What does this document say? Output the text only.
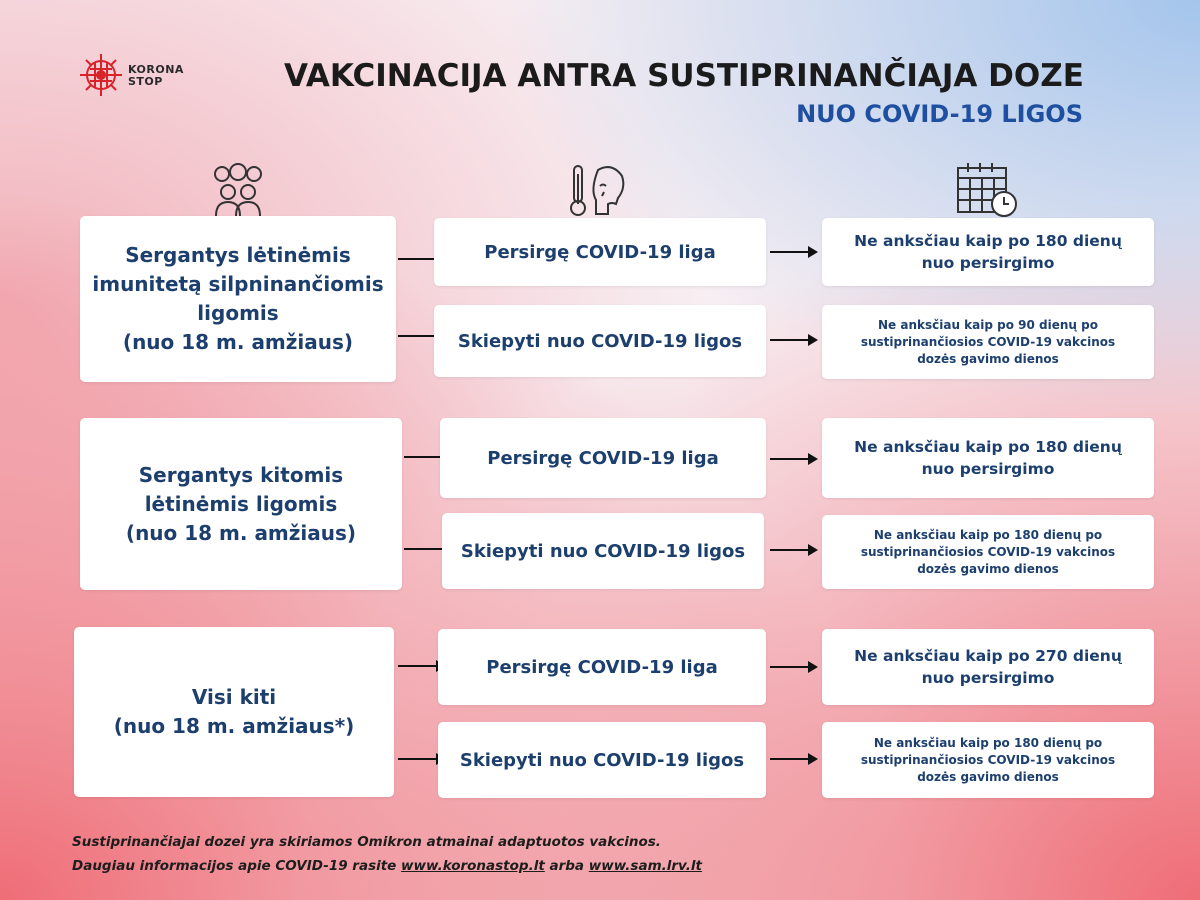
KORONA
STOP	VAKCINACIJA ANTRA SUSTIPRINANČIAJA DOZE
NUO COVID-19 LIGOS
Sergantys lėtinėmis
imunitetą silpninančiomis
ligomis
(nuo 18 m. amžiaus)
Persirgę COVID-19 liga
Skiepyti nuo COVID-19 ligos
Ne anksčiau kaip po 180 dienų
nuo persirgimo
Ne anksčiau kaip po 90 dienų po
sustiprinančiosios COVID-19 vakcinos
dozės gavimo dienos
Sergantys kitomis
lėtinėmis ligomis
(nuo 18 m. amžiaus)
Persirgę COVID-19 liga
Skiepyti nuo COVID-19 ligos
Ne anksčiau kaip po 180 dienų
nuo persirgimo
Ne anksčiau kaip po 180 dienų po
sustiprinančiosios COVID-19 vakcinos
dozės gavimo dienos
Visi kiti
(nuo 18 m. amžiaus*)
Persirgę COVID-19 liga
Skiepyti nuo COVID-19 ligos
Ne anksčiau kaip po 270 dienų
nuo persirgimo
Ne anksčiau kaip po 180 dienų po
sustiprinančiosios COVID-19 vakcinos
dozės gavimo dienos
Sustiprinančiajai dozei yra skiriamos Omikron atmainai adaptuotos vakcinos.
Daugiau informacijos apie COVID-19 rasite www.koronastop.lt arba www.sam.lrv.lt
